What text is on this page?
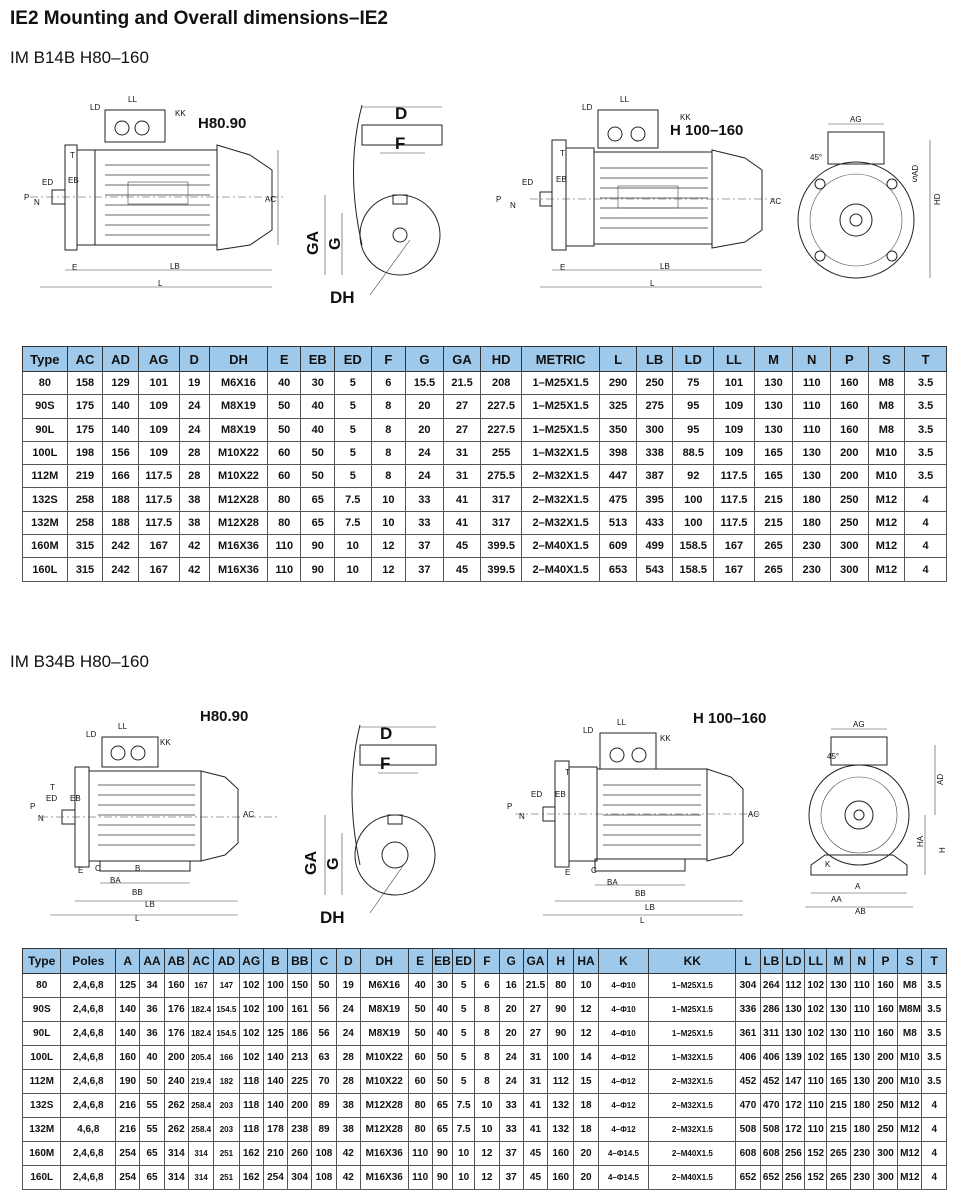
IE2 Mounting and Overall dimensions–IE2
IM B14B H80–160
LD
LL
KK
T
ED EB
P
N	AC
E	LB
L
H80.90
D
F
GA G
DH
LD
LL
KK
T
ED	EB
P
N	AC
E	LB
L
H 100–160
AG
45°
S
AD
HD
Type	AC	AD	AG	D	DH	E	EB	ED	F	G	GA	HD	METRIC	L	LB	LD	LL	M	N	P	S	T
80	158	129	101	19	M6X16	40	30	5	6	15.5	21.5	208	1–M25X1.5	290	250	75	101	130	110	160	M8	3.5
90S	175	140	109	24	M8X19	50	40	5	8	20	27	227.5	1–M25X1.5	325	275	95	109	130	110	160	M8	3.5
90L	175	140	109	24	M8X19	50	40	5	8	20	27	227.5	1–M25X1.5	350	300	95	109	130	110	160	M8	3.5
100L	198	156	109	28	M10X22	60	50	5	8	24	31	255	1–M32X1.5	398	338	88.5	109	165	130	200	M10	3.5
112M	219	166	117.5	28	M10X22	60	50	5	8	24	31	275.5	2–M32X1.5	447	387	92	117.5	165	130	200	M10	3.5
132S	258	188	117.5	38	M12X28	80	65	7.5	10	33	41	317	2–M32X1.5	475	395	100	117.5	215	180	250	M12	4
132M	258	188	117.5	38	M12X28	80	65	7.5	10	33	41	317	2–M32X1.5	513	433	100	117.5	215	180	250	M12	4
160M	315	242	167	42	M16X36	110	90	10	12	37	45	399.5	2–M40X1.5	609	499	158.5	167	265	230	300	M12	4
160L	315	242	167	42	M16X36	110	90	10	12	37	45	399.5	2–M40X1.5	653	543	158.5	167	265	230	300	M12	4
IM B34B H80–160
LD
LL
KK
T
ED EB
P
N	AC
E C	B
BA
BB
LB
L
H80.90
D
F
GA G
DH
LD
LL
KK
T
ED EB
P
N	AC
E	C
BA
BB
LB
L
H 100–160	AG
45°
AD
HA
H
K
A
AA
AB
Type	Poles	A	AA	AB	AC	AD	AG	B	BB	C	D	DH	E	EB	ED	F	G	GA	H	HA	K	KK	L	LB	LD	LL	M	N	P	S	T
80	2,4,6,8	125	34	160	167	147	102	100	150	50	19	M6X16	40	30	5	6	16	21.5	80	10	4–Φ10	1–M25X1.5	304	264	112	102	130	110	160	M8	3.5
90S	2,4,6,8	140	36	176	182.4	154.5	102	100	161	56	24	M8X19	50	40	5	8	20	27	90	12	4–Φ10	1–M25X1.5	336	286	130	102	130	110	160	M8M	3.5
90L	2,4,6,8	140	36	176	182.4	154.5	102	125	186	56	24	M8X19	50	40	5	8	20	27	90	12	4–Φ10	1–M25X1.5	361	311	130	102	130	110	160	M8	3.5
100L	2,4,6,8	160	40	200	205.4	166	102	140	213	63	28	M10X22	60	50	5	8	24	31	100	14	4–Φ12	1–M32X1.5	406	406	139	102	165	130	200	M10	3.5
112M	2,4,6,8	190	50	240	219.4	182	118	140	225	70	28	M10X22	60	50	5	8	24	31	112	15	4–Φ12	2–M32X1.5	452	452	147	110	165	130	200	M10	3.5
132S	2,4,6,8	216	55	262	258.4	203	118	140	200	89	38	M12X28	80	65	7.5	10	33	41	132	18	4–Φ12	2–M32X1.5	470	470	172	110	215	180	250	M12	4
132M	4,6,8	216	55	262	258.4	203	118	178	238	89	38	M12X28	80	65	7.5	10	33	41	132	18	4–Φ12	2–M32X1.5	508	508	172	110	215	180	250	M12	4
160M	2,4,6,8	254	65	314	314	251	162	210	260	108	42	M16X36	110	90	10	12	37	45	160	20	4–Φ14.5	2–M40X1.5	608	608	256	152	265	230	300	M12	4
160L	2,4,6,8	254	65	314	314	251	162	254	304	108	42	M16X36	110	90	10	12	37	45	160	20	4–Φ14.5	2–M40X1.5	652	652	256	152	265	230	300	M12	4
